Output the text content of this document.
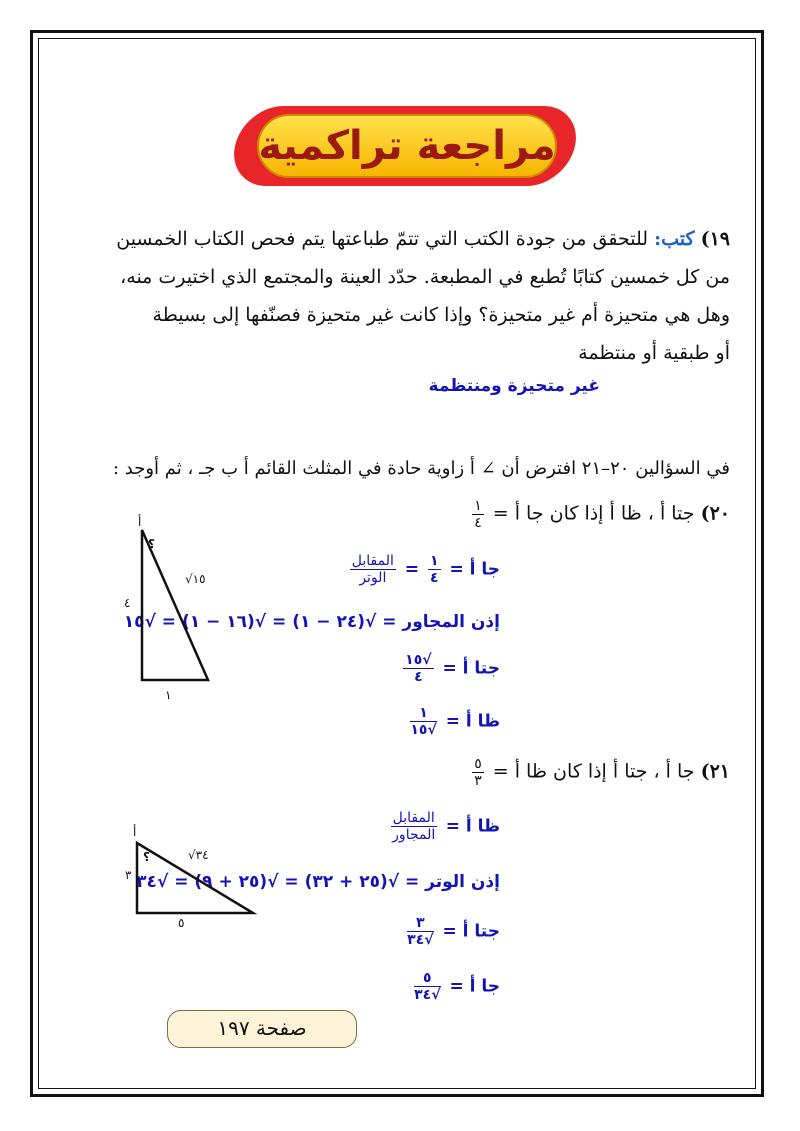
مراجعة تراكمية
١٩) كتب: للتحقق من جودة الكتب التي تتمّ طباعتها يتم فحص الكتاب الخمسين
من كل خمسين كتابًا تُطبع في المطبعة. حدّد العينة والمجتمع الذي اختيرت منه،
وهل هي متحيزة أم غير متحيزة؟ وإذا كانت غير متحيزة فصنّفها إلى بسيطة
أو طبقية أو منتظمة
غير متحيزة ومنتظمة
في السؤالين ٢٠–٢١ افترض أن ∠ أ زاوية حادة في المثلث القائم أ ب جـ ، ثم أوجد :
٢٠) جتا أ ، ظا أ إذا كان جا أ =
$\frac{١}{٤}$
جا أ =
$\frac{١}{٤}$
=
$\frac{\text{المقابل}}{\text{الوتر}}$
إذن المجاور = √(٢٤ − ١) = √(١٦ − ١) = √١٥
جتا أ =
$\frac{√١٥}{٤}$
ظا أ =
$\frac{١}{√١٥}$
أ
؟
٤
١
√١٥
٢١) جا أ ، جتا أ إذا كان ظا أ =
$\frac{٥}{٣}$
ظا أ =
$\frac{\text{المقابل}}{\text{المجاور}}$
إذن الوتر = √(٢٥ + ٣٢) = √(٢٥ + ٩) = √٣٤
جتا أ =
$\frac{٣}{√٣٤}$
جا أ =
$\frac{٥}{√٣٤}$
أ
؟
٣
٥
√٣٤
صفحة ١٩٧
